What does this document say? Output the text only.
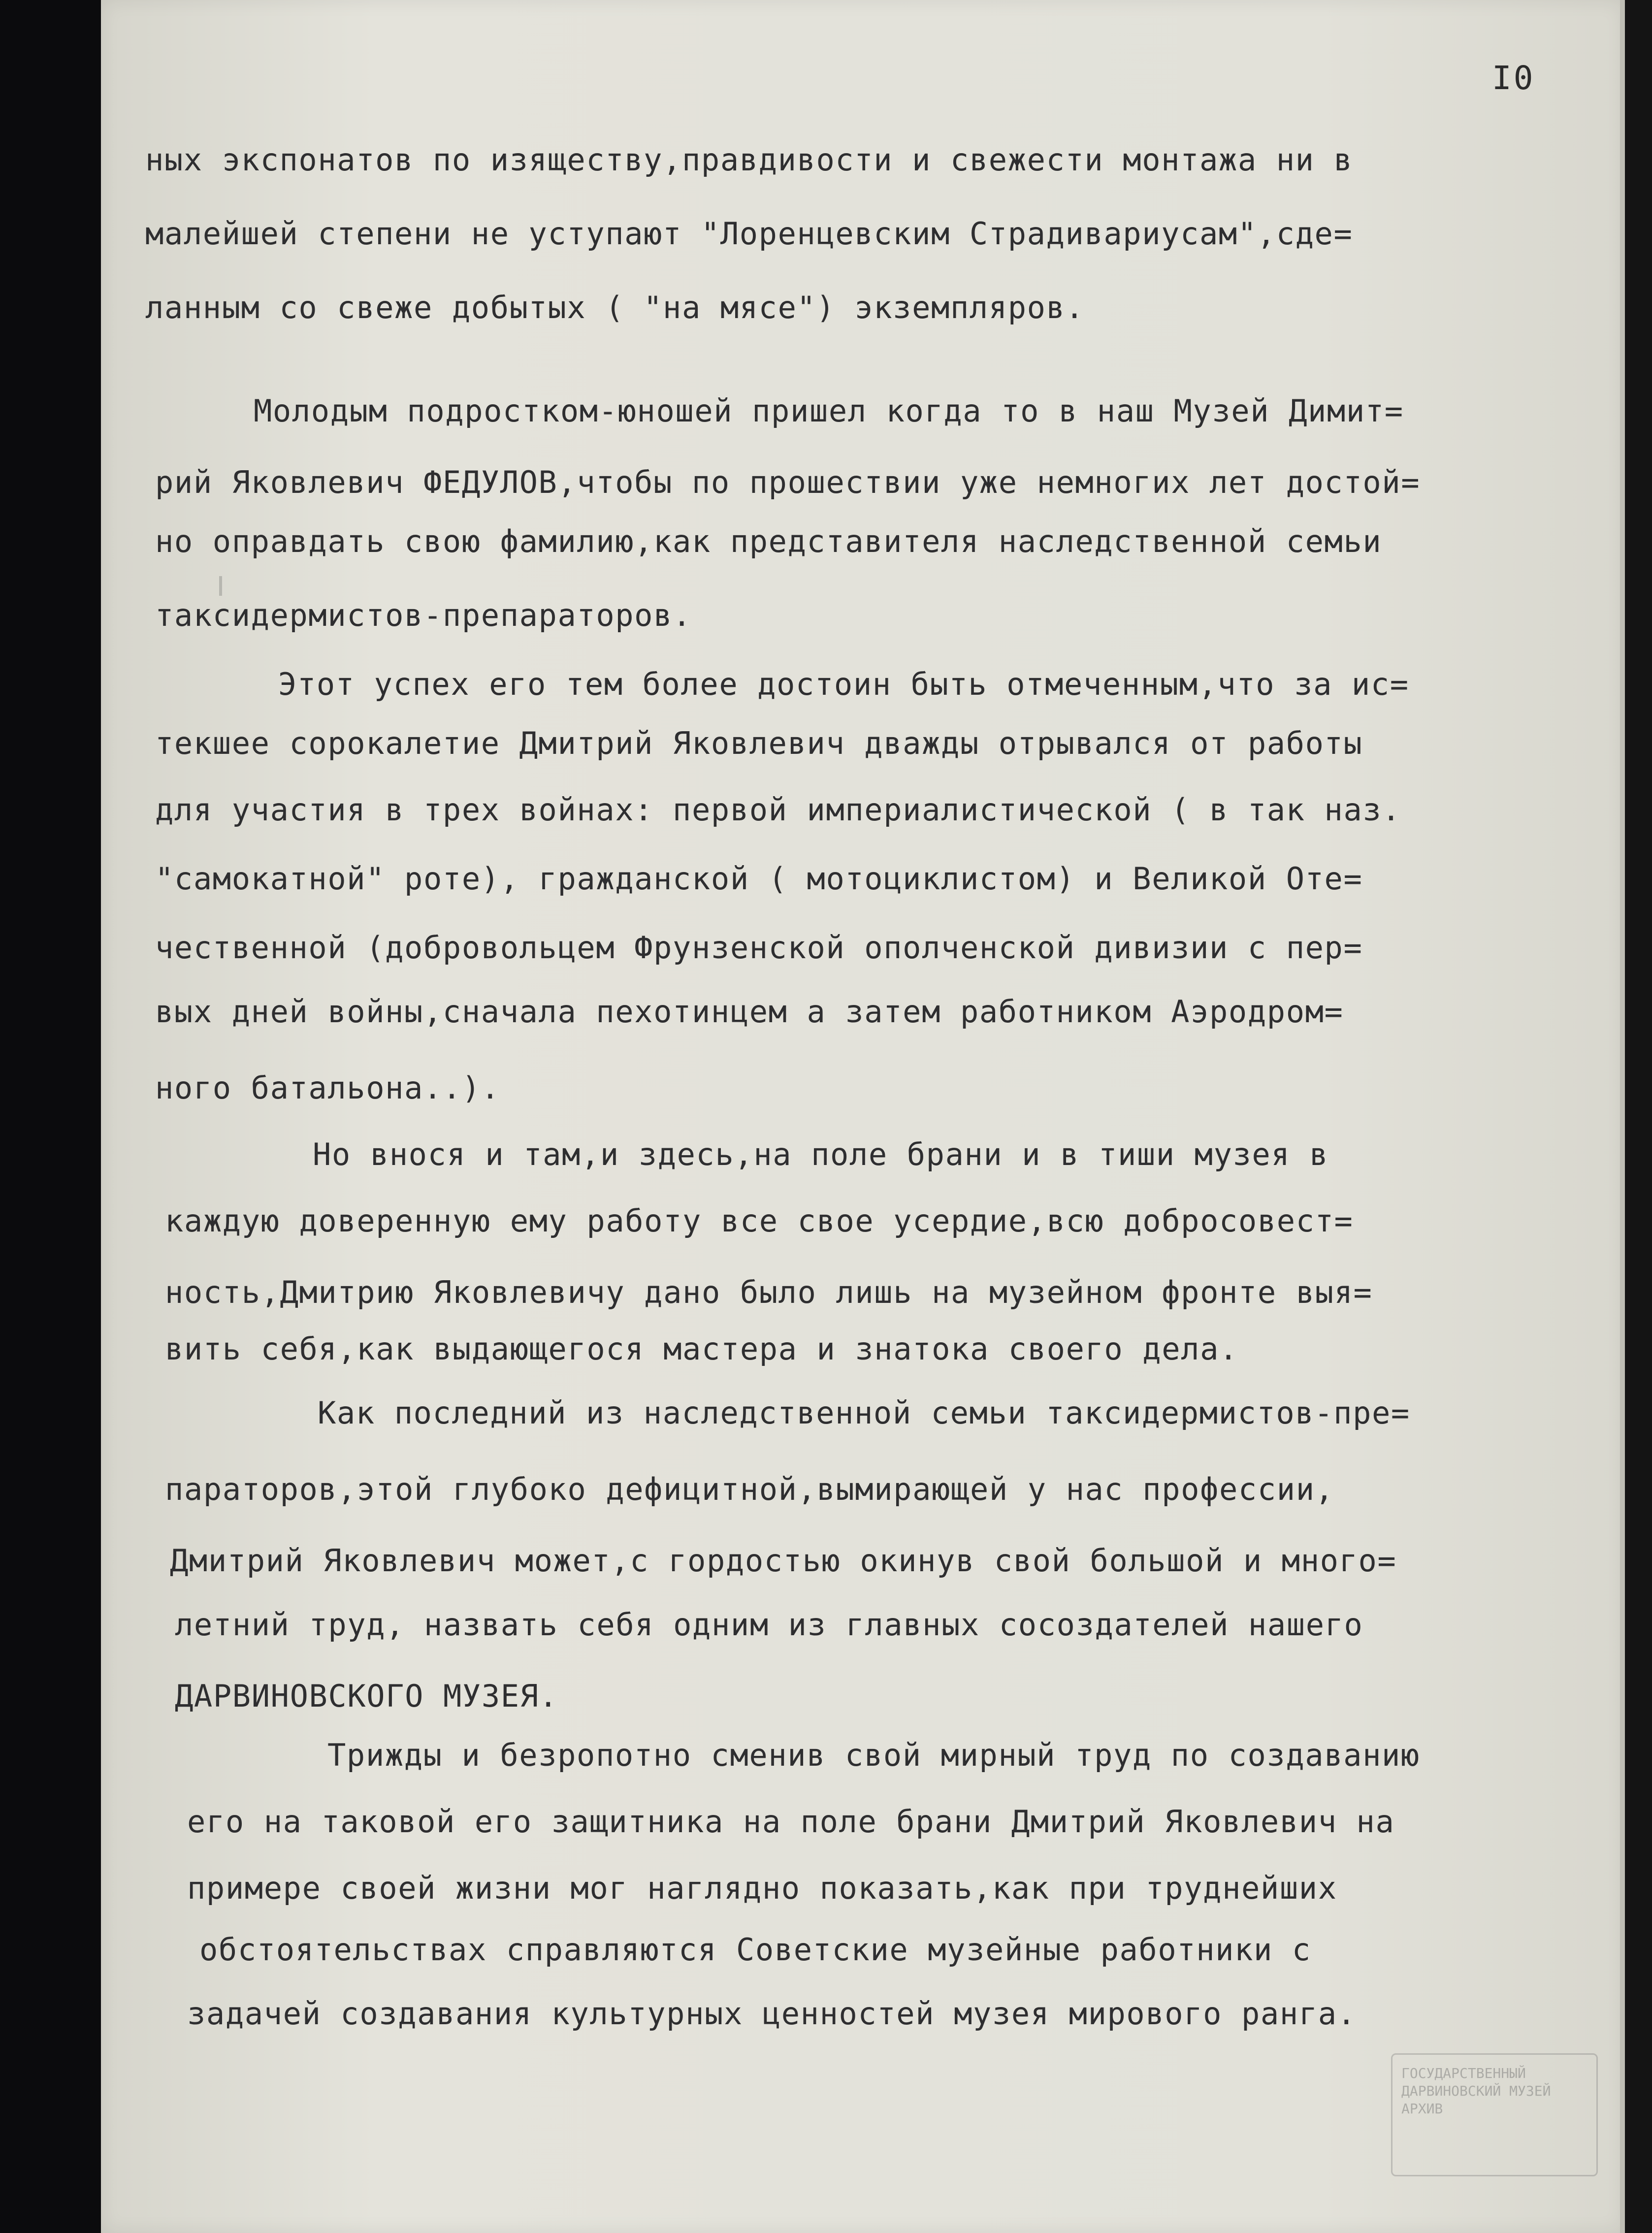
I0
ных экспонатов по изяществу,правдивости и свежести монтажа ни в
малейшей степени не уступают "Лоренцевским Страдивариусам",сде=
ланным со свеже добытых ( "на мясе") экземпляров.
Молодым подростком-юношей пришел когда то в наш Музей Димит=
рий Яковлевич ФЕДУЛОВ,чтобы по прошествии уже немногих лет достой=
но оправдать свою фамилию,как представителя наследственной семьи
таксидермистов-препараторов.
Этот успех его тем более достоин быть отмеченным,что за ис=
текшее сорокалетие Дмитрий Яковлевич дважды отрывался от работы
для участия в трех войнах: первой империалистической ( в так наз.
"самокатной" роте), гражданской ( мотоциклистом) и Великой Оте=
чественной (добровольцем Фрунзенской ополченской дивизии с пер=
вых дней войны,сначала пехотинцем а затем работником Аэродром=
ного батальона..).
Но внося и там,и здесь,на поле брани и в тиши музея в
каждую доверенную ему работу все свое усердие,всю добросовест=
ность,Дмитрию Яковлевичу дано было лишь на музейном фронте выя=
вить себя,как выдающегося мастера и знатока своего дела.
Как последний из наследственной семьи таксидермистов-пре=
параторов,этой глубоко дефицитной,вымирающей у нас профессии,
Дмитрий Яковлевич может,с гордостью окинув свой большой и много=
летний труд, назвать себя одним из главных сосоздателей нашего
ДАРВИНОВСКОГО МУЗЕЯ.
Трижды и безропотно сменив свой мирный труд по создаванию
его на таковой его защитника на поле брани Дмитрий Яковлевич на
примере своей жизни мог наглядно показать,как при труднейших
обстоятельствах справляются Советские музейные работники с
задачей создавания культурных ценностей музея мирового ранга.
ГОСУДАРСТВЕННЫЙ
ДАРВИНОВСКИЙ МУЗЕЙ
АРХИВ
